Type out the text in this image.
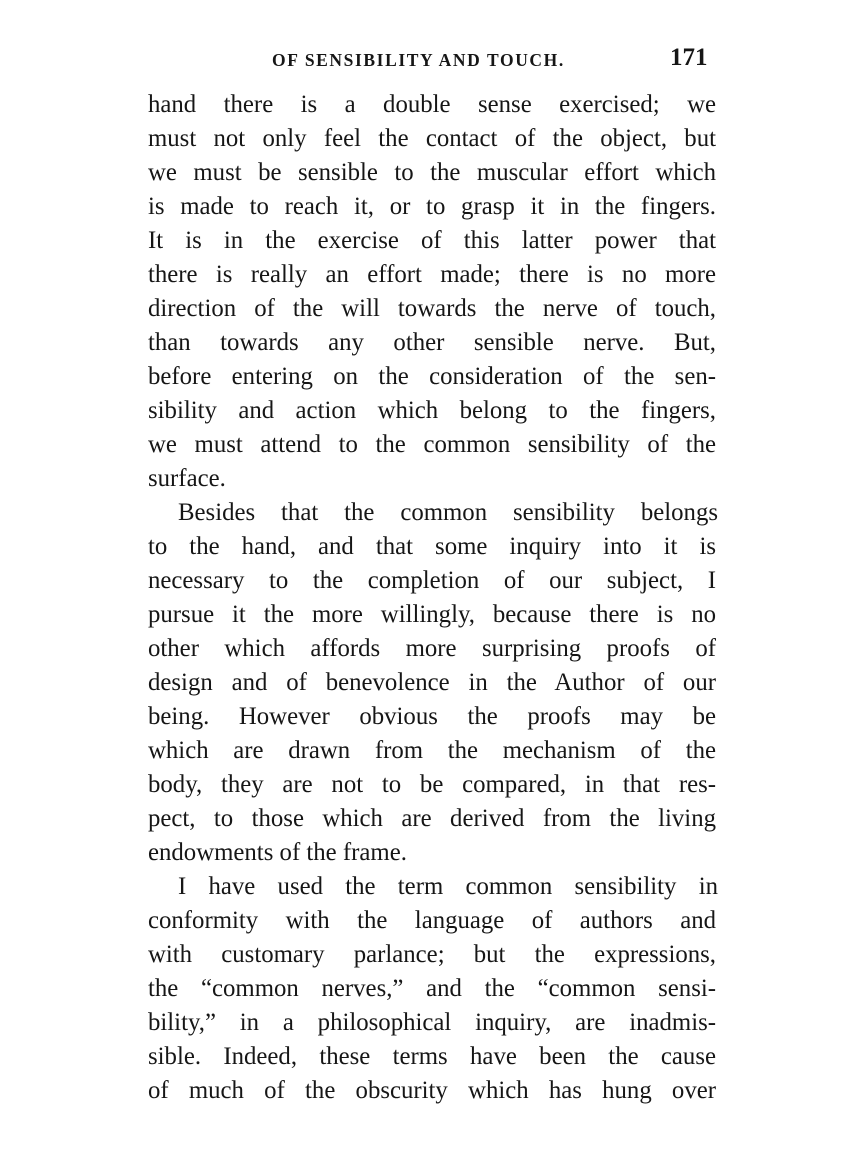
OF SENSIBILITY AND TOUCH.	171
hand there is a double sense exercised; we
must not only feel the contact of the object, but
we must be sensible to the muscular effort which
is made to reach it, or to grasp it in the fingers.
It is in the exercise of this latter power that
there is really an effort made; there is no more
direction of the will towards the nerve of touch,
than towards any other sensible nerve. But,
before entering on the consideration of the sen-
sibility and action which belong to the fingers,
we must attend to the common sensibility of the
surface.
Besides that the common sensibility belongs
to the hand, and that some inquiry into it is
necessary to the completion of our subject, I
pursue it the more willingly, because there is no
other which affords more surprising proofs of
design and of benevolence in the Author of our
being. However obvious the proofs may be
which are drawn from the mechanism of the
body, they are not to be compared, in that res-
pect, to those which are derived from the living
endowments of the frame.
I have used the term common sensibility in
conformity with the language of authors and
with customary parlance; but the expressions,
the “common nerves,” and the “common sensi-
bility,” in a philosophical inquiry, are inadmis-
sible. Indeed, these terms have been the cause
of much of the obscurity which has hung over
